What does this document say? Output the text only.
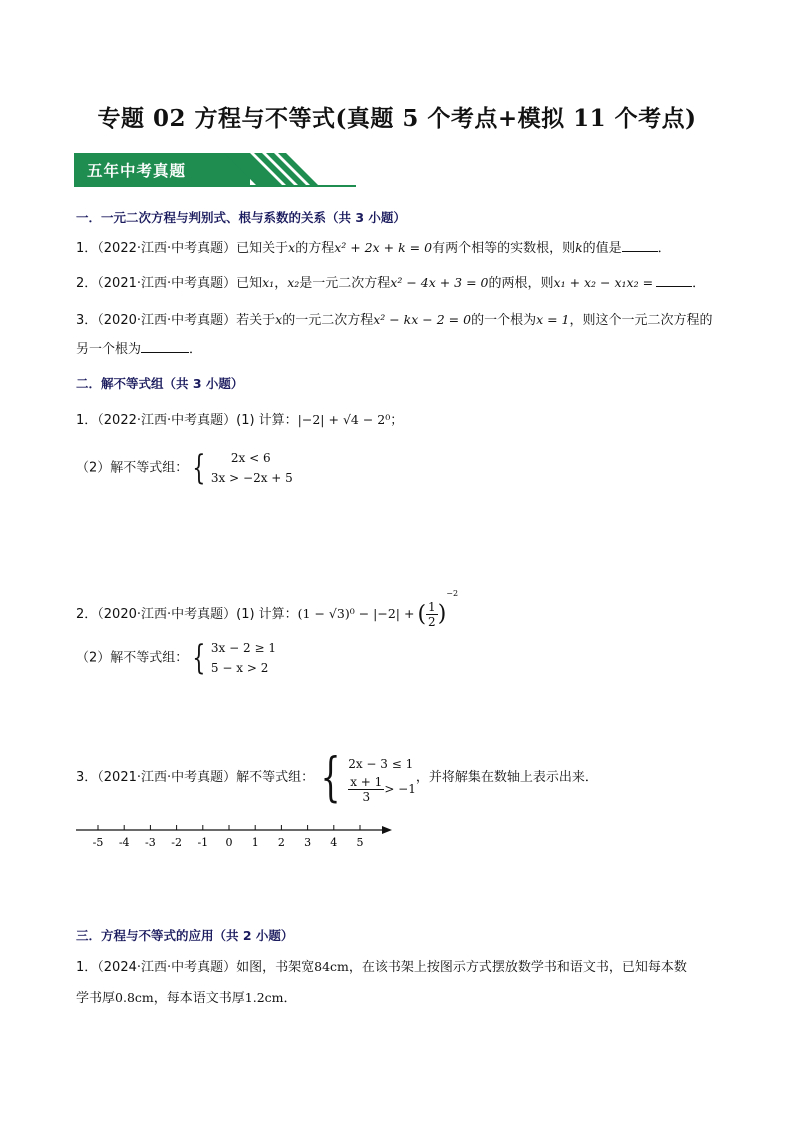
专题 02 方程与不等式(真题 5 个考点+模拟 11 个考点)
五年中考真题
一．一元二次方程与判别式、根与系数的关系（共 3 小题）
1．（2022·江西·中考真题）已知关于x的方程x² + 2x + k = 0有两个相等的实数根，则k的值是	．
2．（2021·江西·中考真题）已知x₁，x₂是一元二次方程x² − 4x + 3 = 0的两根，则x₁ + x₂ − x₁x₂ =	．
3．（2020·江西·中考真题）若关于x的一元二次方程x² − kx − 2 = 0的一个根为x = 1，则这个一元二次方程的
另一个根为	．
二．解不等式组（共 3 小题）
1．（2022·江西·中考真题）(1) 计算：|−2| + √4 − 2⁰；
（2）解不等式组： {	2x < 6
3x > −2x + 5
2．（2020·江西·中考真题）(1) 计算：(1 − √3)⁰ − |−2| + ( $\frac{1}{2} )^{-2}$
（2）解不等式组： { 3x − 2 ≥ 1
5 − x > 2
3．（2021·江西·中考真题）解不等式组： { 2x − 3 ≤ 1
$\frac{x + 1}{3} > -1$
，并将解集在数轴上表示出来．
-5 -4 -3 -2 -1 0 1 2 3 4 5
三．方程与不等式的应用（共 2 小题）
1．（2024·江西·中考真题）如图，书架宽84cm，在该书架上按图示方式摆放数学书和语文书，已知每本数
学书厚0.8cm，每本语文书厚1.2cm．
